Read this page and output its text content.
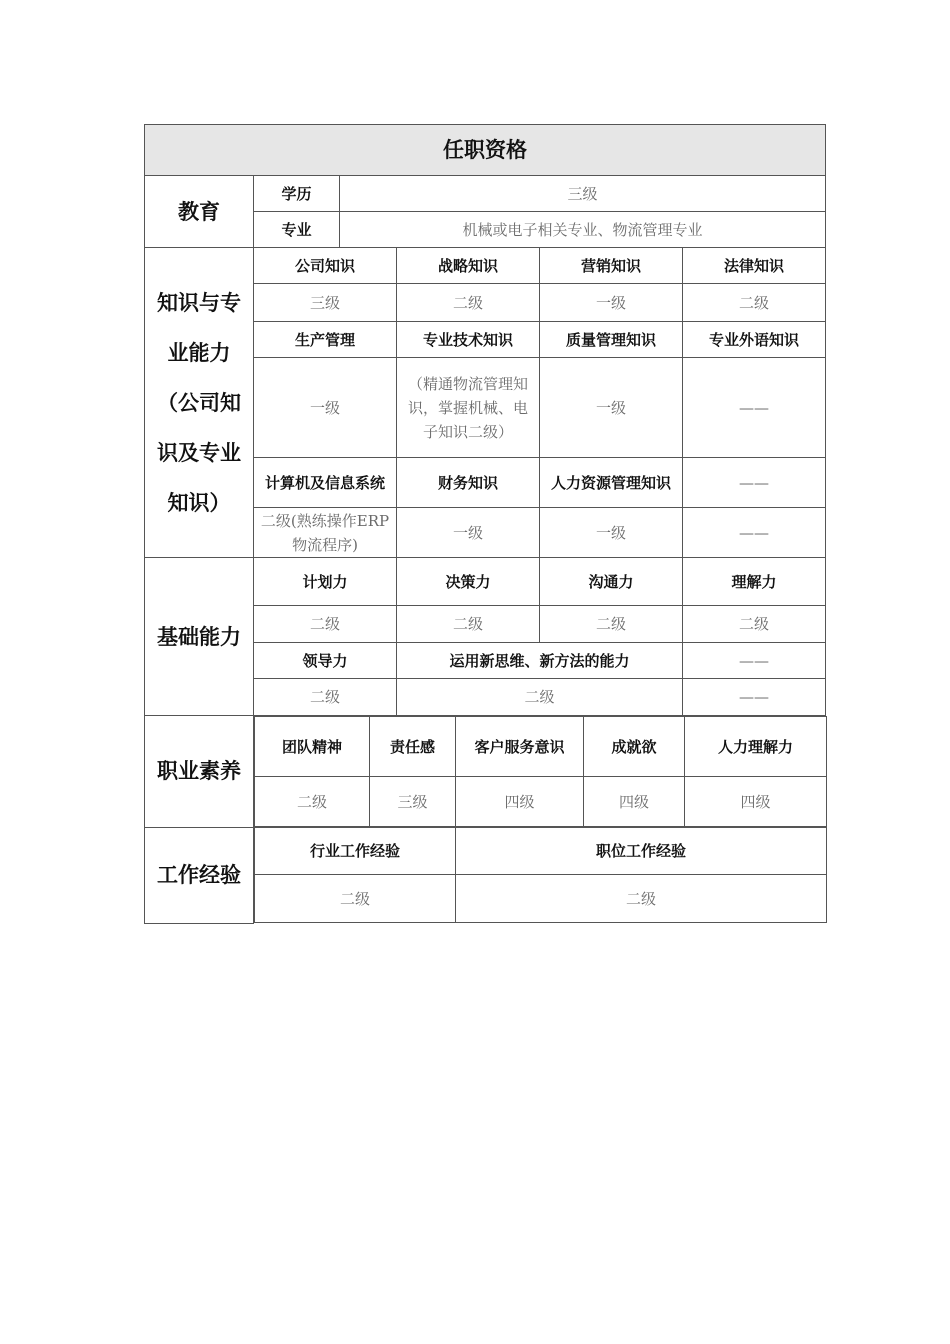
任职资格
教育	学历	三级
专业	机械或电子相关专业、物流管理专业
知识与专业能力（公司知识及专业知识）	公司知识	战略知识	营销知识	法律知识
三级	二级	一级	二级
生产管理	专业技术知识	质量管理知识	专业外语知识
一级	（精通物流管理知识，掌握机械、电子知识二级）	一级	——
计算机及信息系统	财务知识	人力资源管理知识	——
二级(熟练操作ERP物流程序)	一级	一级	——
基础能力	计划力	决策力	沟通力	理解力
二级	二级	二级	二级
领导力	运用新思维、新方法的能力	——
二级	二级	——
职业素养	
团队精神	责任感	客户服务意识	成就欲	人力理解力
二级	三级	四级	四级	四级

工作经验	
行业工作经验	职位工作经验
二级	二级
